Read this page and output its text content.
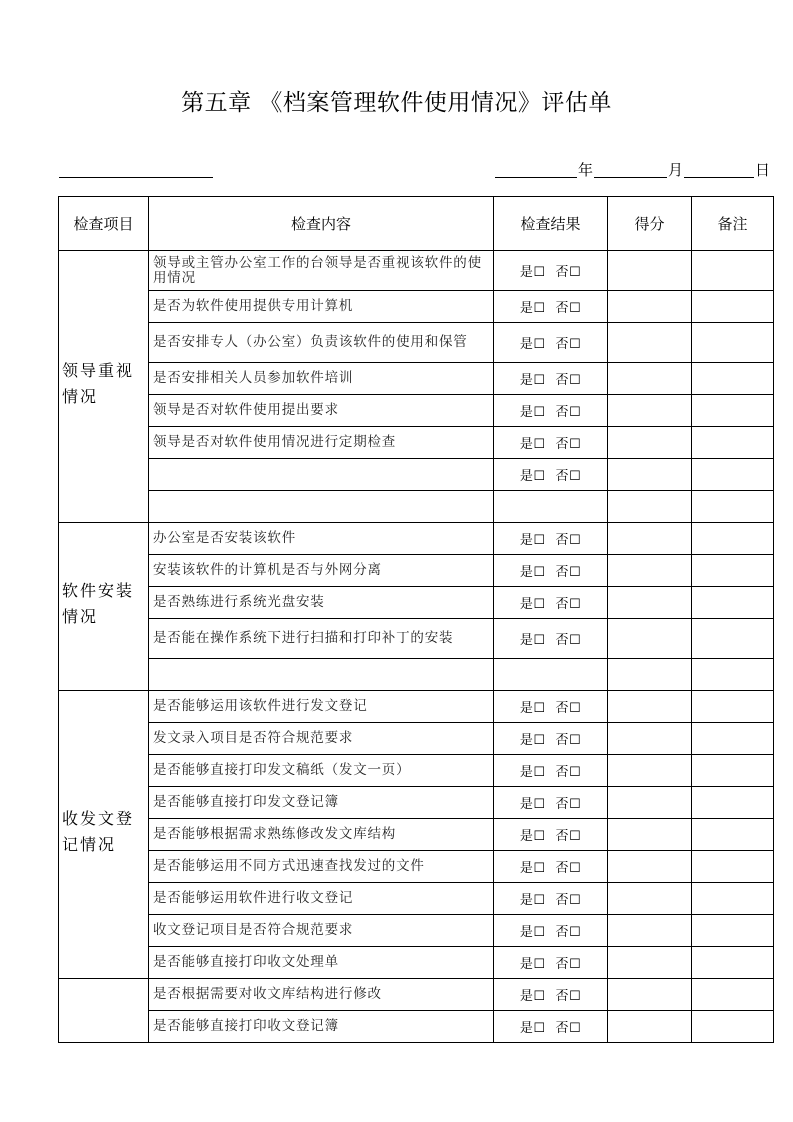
第五章 《档案管理软件使用情况》评估单
年	月	日
检查项目	检查内容	检查结果	得分	备注

领导重视情况	领导或主管办公室工作的台领导是否重视该软件的使用情况	是☐ 否☐		
	是否为软件使用提供专用计算机	是☐ 否☐		
	是否安排专人（办公室）负责该软件的使用和保管	是☐ 否☐		
	是否安排相关人员参加软件培训	是☐ 否☐		
	领导是否对软件使用提出要求	是☐ 否☐		
	领导是否对软件使用情况进行定期检查	是☐ 否☐		
		是☐ 否☐		

软件安装情况	办公室是否安装该软件	是☐ 否☐		
	安装该软件的计算机是否与外网分离	是☐ 否☐		
	是否熟练进行系统光盘安装	是☐ 否☐		
	是否能在操作系统下进行扫描和打印补丁的安装	是☐ 否☐		

收发文登记情况	是否能够运用该软件进行发文登记	是☐ 否☐		
	发文录入项目是否符合规范要求	是☐ 否☐		
	是否能够直接打印发文稿纸（发文一页）	是☐ 否☐		
	是否能够直接打印发文登记簿	是☐ 否☐		
	是否能够根据需求熟练修改发文库结构	是☐ 否☐		
	是否能够运用不同方式迅速查找发过的文件	是☐ 否☐		
	是否能够运用软件进行收文登记	是☐ 否☐		
	收文登记项目是否符合规范要求	是☐ 否☐		
	是否能够直接打印收文处理单	是☐ 否☐		

	是否根据需要对收文库结构进行修改	是☐ 否☐		
	是否能够直接打印收文登记簿	是☐ 否☐		
